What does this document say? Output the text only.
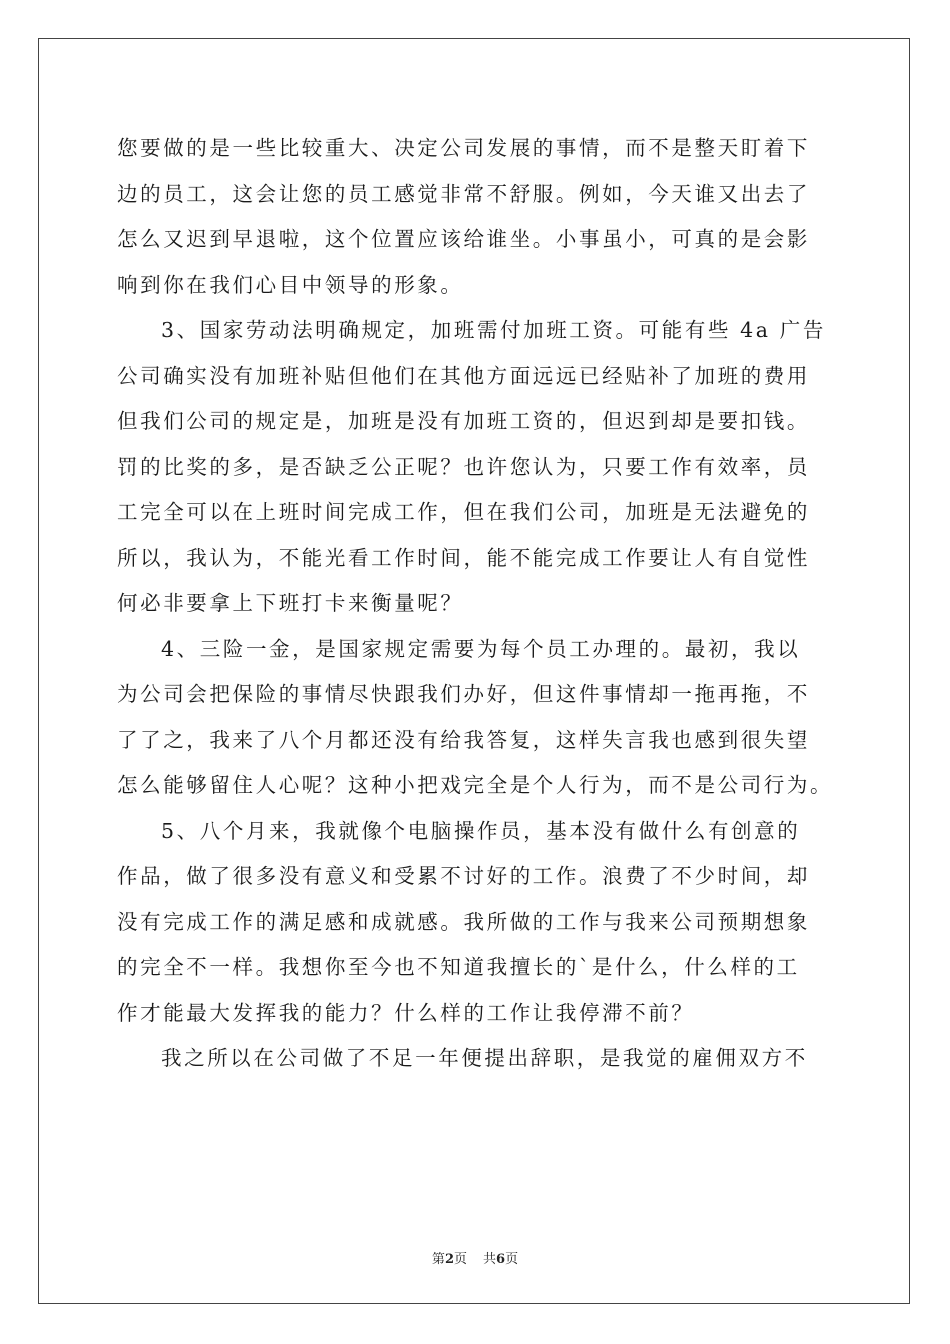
您要做的是一些比较重大、决定公司发展的事情，而不是整天盯着下
边的员工，这会让您的员工感觉非常不舒服。例如，今天谁又出去了
怎么又迟到早退啦，这个位置应该给谁坐。小事虽小，可真的是会影
响到你在我们心目中领导的形象。
3、国家劳动法明确规定，加班需付加班工资。可能有些 4a 广告
公司确实没有加班补贴但他们在其他方面远远已经贴补了加班的费用
但我们公司的规定是，加班是没有加班工资的，但迟到却是要扣钱。
罚的比奖的多，是否缺乏公正呢？也许您认为，只要工作有效率，员
工完全可以在上班时间完成工作，但在我们公司，加班是无法避免的
所以，我认为，不能光看工作时间，能不能完成工作要让人有自觉性
何必非要拿上下班打卡来衡量呢？
4、三险一金，是国家规定需要为每个员工办理的。最初，我以
为公司会把保险的事情尽快跟我们办好，但这件事情却一拖再拖，不
了了之，我来了八个月都还没有给我答复，这样失言我也感到很失望
怎么能够留住人心呢？这种小把戏完全是个人行为，而不是公司行为。
5、八个月来，我就像个电脑操作员，基本没有做什么有创意的
作品，做了很多没有意义和受累不讨好的工作。浪费了不少时间，却
没有完成工作的满足感和成就感。我所做的工作与我来公司预期想象
的完全不一样。我想你至今也不知道我擅长的`是什么，什么样的工
作才能最大发挥我的能力？什么样的工作让我停滞不前？
我之所以在公司做了不足一年便提出辞职，是我觉的雇佣双方不
第2页 共6页
